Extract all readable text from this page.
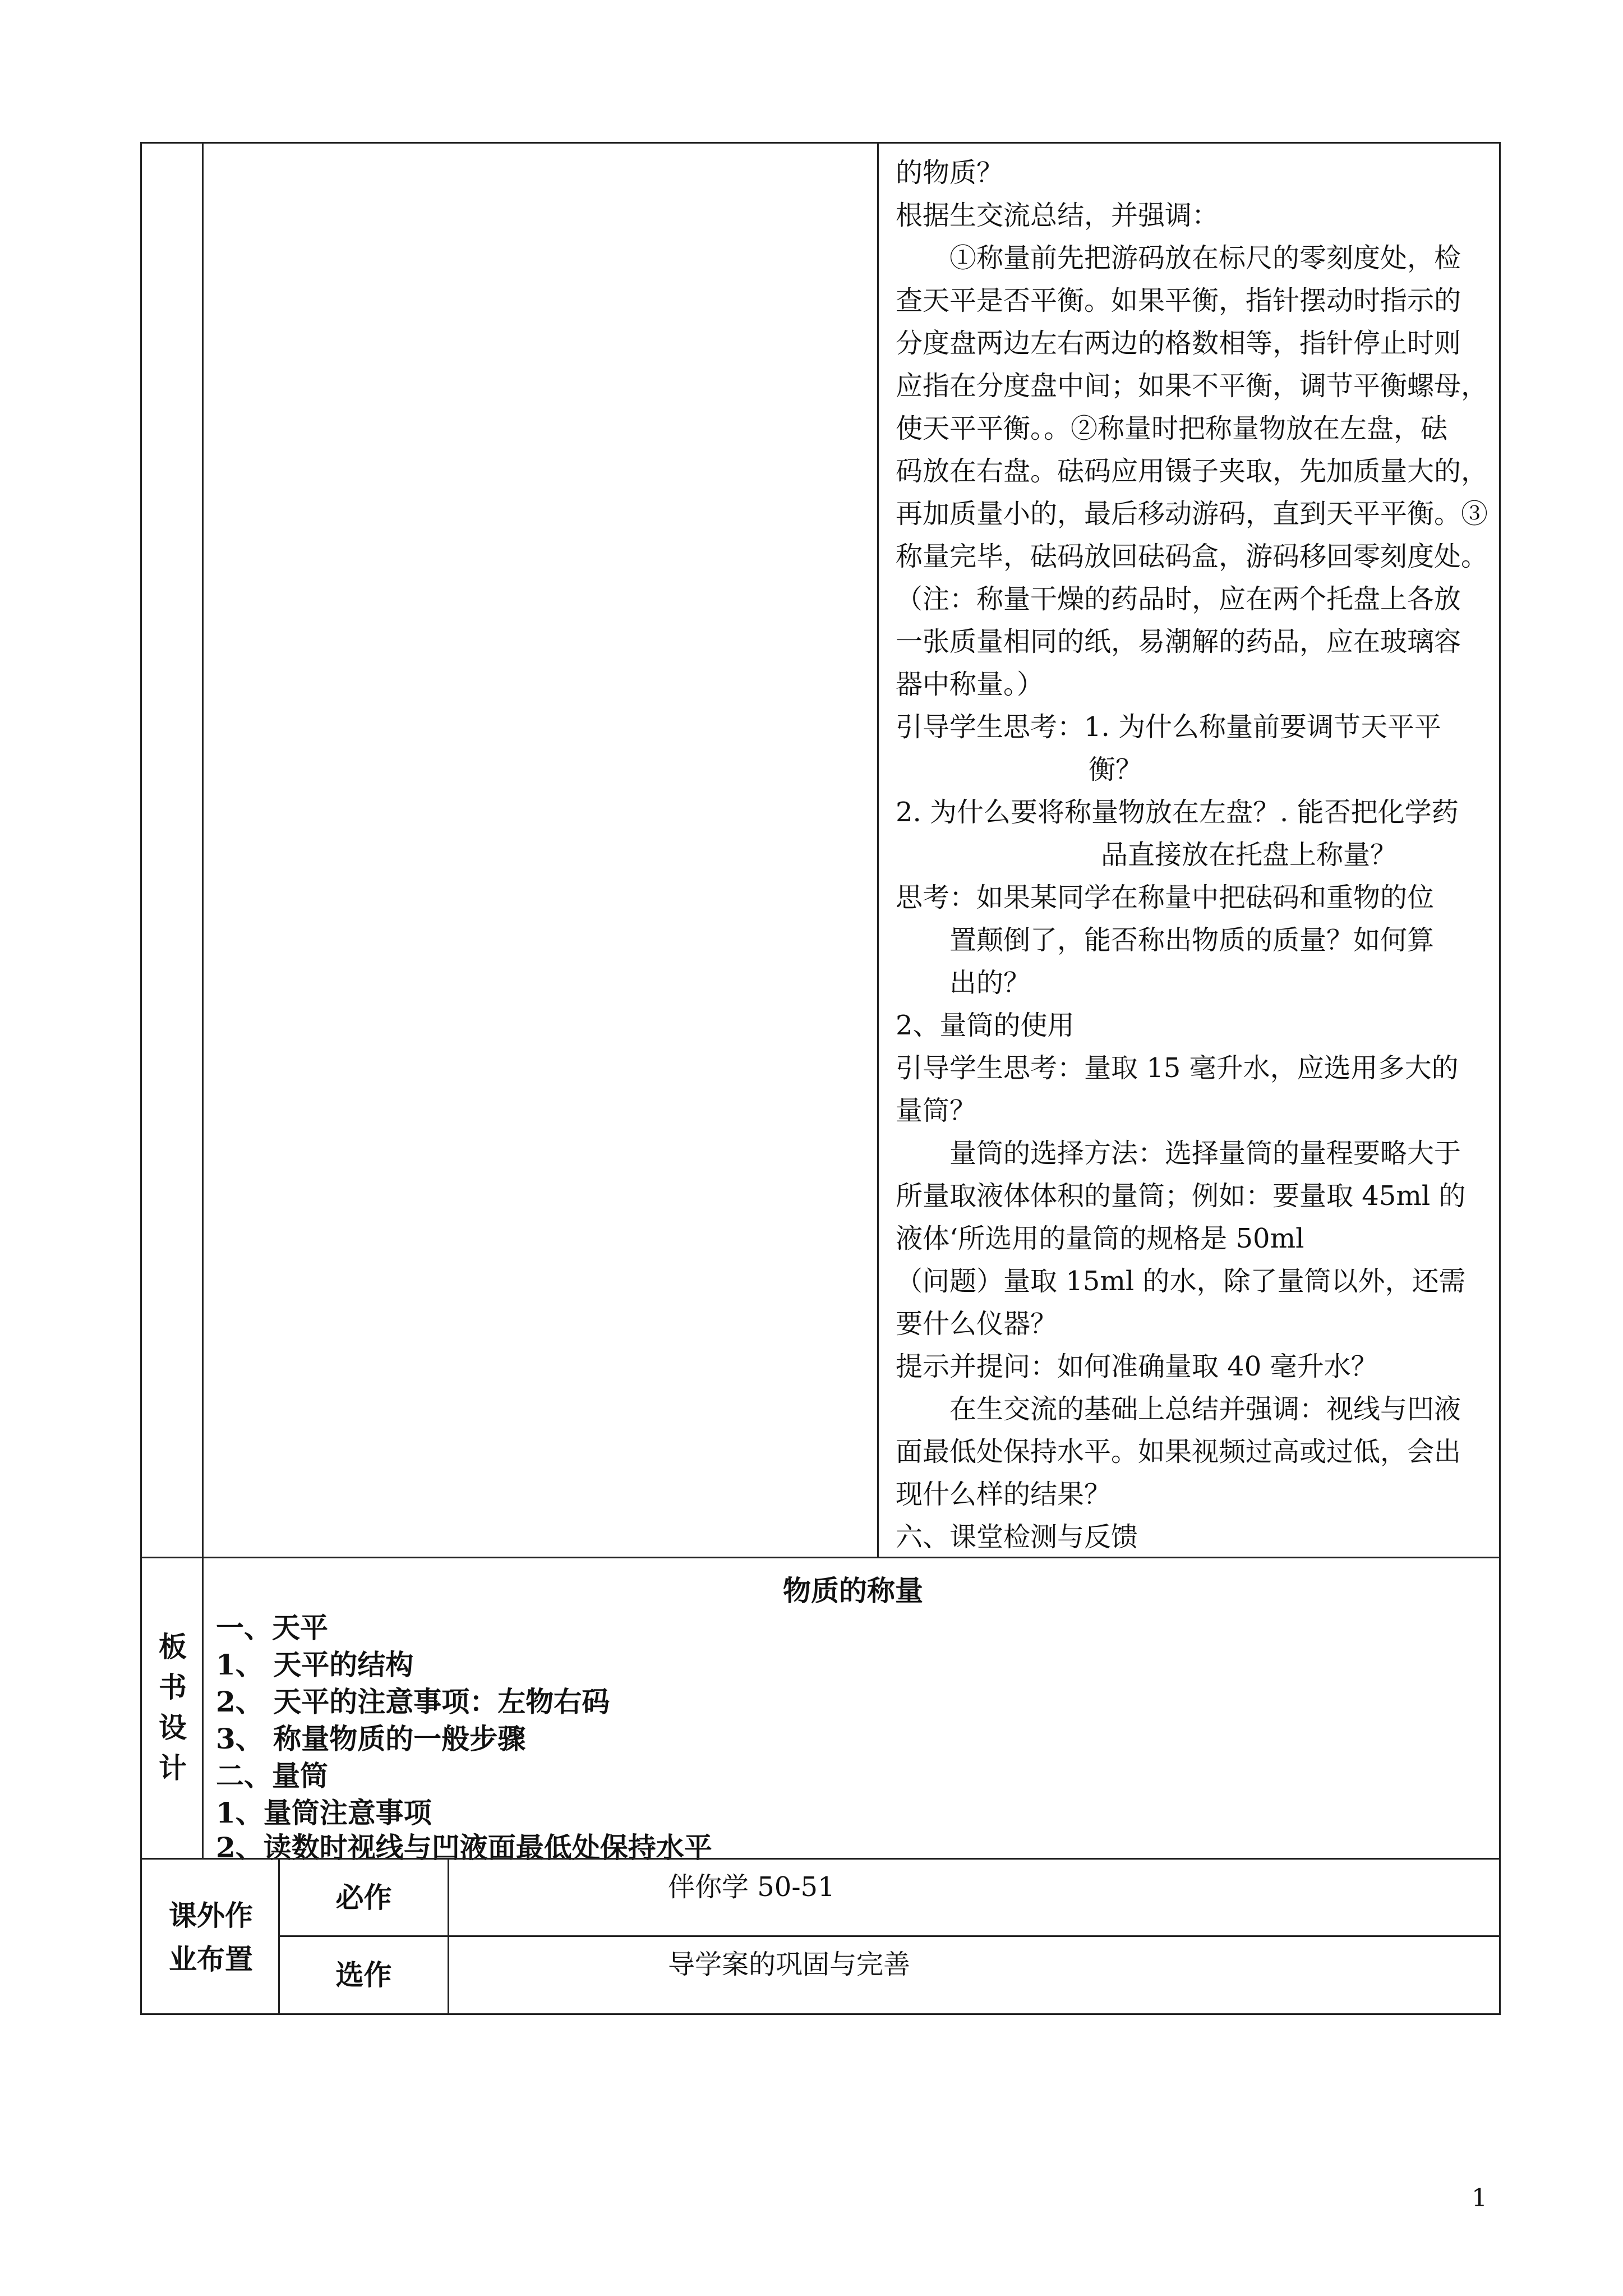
的物质？

根据生交流总结，并强调：

①称量前先把游码放在标尺的零刻度处，检

查天平是否平衡。如果平衡，指针摆动时指示的

分度盘两边左右两边的格数相等，指针停止时则

应指在分度盘中间；如果不平衡，调节平衡螺母，

使天平平衡。。②称量时把称量物放在左盘，砝

码放在右盘。砝码应用镊子夹取，先加质量大的，

再加质量小的，最后移动游码，直到天平平衡。③

称量完毕，砝码放回砝码盒，游码移回零刻度处。

（注：称量干燥的药品时，应在两个托盘上各放

一张质量相同的纸，易潮解的药品，应在玻璃容

器中称量。）

引导学生思考：1. 为什么称量前要调节天平平

衡？

2. 为什么要将称量物放在左盘？. 能否把化学药

品直接放在托盘上称量？

思考：如果某同学在称量中把砝码和重物的位

置颠倒了，能否称出物质的质量？如何算

出的？

2、量筒的使用

引导学生思考：量取 15 毫升水，应选用多大的

量筒？

量筒的选择方法：选择量筒的量程要略大于

所量取液体体积的量筒；例如：要量取 45ml 的

液体‘所选用的量筒的规格是 50ml

（问题）量取 15ml 的水，除了量筒以外，还需

要什么仪器？

提示并提问：如何准确量取 40 毫升水？

在生交流的基础上总结并强调：视线与凹液

面最低处保持水平。如果视频过高或过低，会出

现什么样的结果？

六、课堂检测与反馈

板
书
设
计
物质的称量
一、天平
1、 天平的结构
2、 天平的注意事项：左物右码
3、 称量物质的一般步骤
二、量筒
1、量筒注意事项
2、读数时视线与凹液面最低处保持水平
课外作
业布置
必作	伴你学 50-51
选作	导学案的巩固与完善
1
